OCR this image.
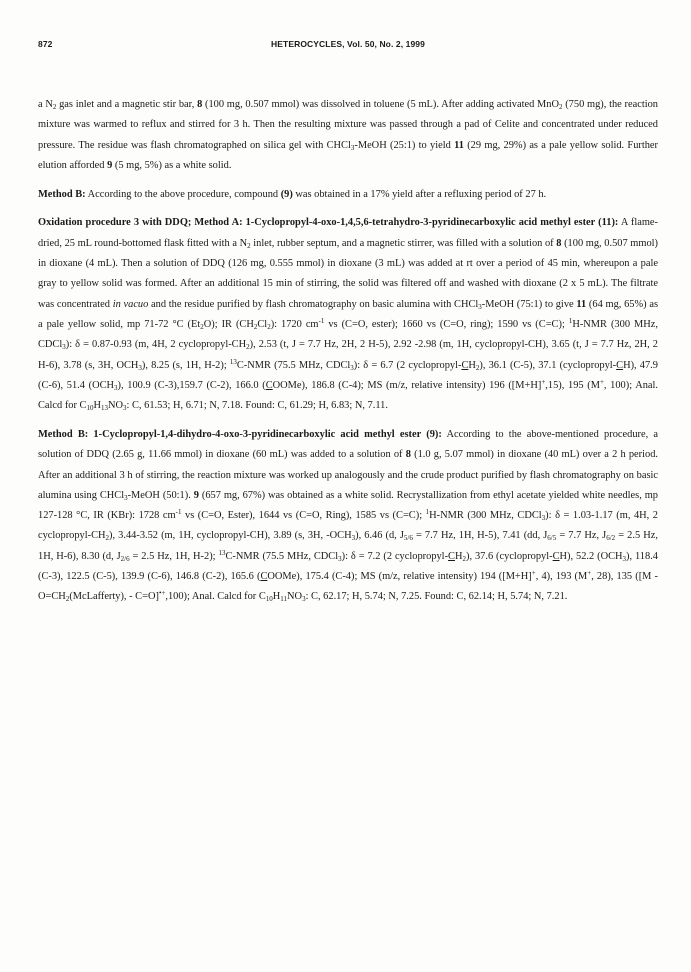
872	HETEROCYCLES, Vol. 50, No. 2, 1999

a $N_2$ gas inlet and a magnetic stir bar, 8 (100 mg, 0.507 mmol) was dissolved in toluene (5 mL). After adding activated MnO$_2$ (750 mg), the reaction mixture was warmed to reflux and stirred for 3 h. Then the resulting mixture was passed through a pad of Celite and concentrated under reduced pressure. The residue was flash chromatographed on silica gel with CHCl$_3$-MeOH (25:1) to yield 11 (29 mg, 29%) as a pale yellow solid. Further elution afforded 9 (5 mg, 5%) as a white solid.

Method B: According to the above procedure, compound (9) was obtained in a 17% yield after a refluxing period of 27 h.

Oxidation procedure 3 with DDQ; Method A: 1-Cyclopropyl-4-oxo-1,4,5,6-tetrahydro-3-pyridinecarboxylic acid methyl ester (11): A flame-dried, 25 mL round-bottomed flask fitted with a $N_2$ inlet, rubber septum, and a magnetic stirrer, was filled with a solution of 8 (100 mg, 0.507 mmol) in dioxane (4 mL). Then a solution of DDQ (126 mg, 0.555 mmol) in dioxane (3 mL) was added at rt over a period of 45 min, whereupon a pale gray to yellow solid was formed. After an additional 15 min of stirring, the solid was filtered off and washed with dioxane (2 x 5 mL). The filtrate was concentrated in vacuo and the residue purified by flash chromatography on basic alumina with CHCl$_3$-MeOH (75:1) to give 11 (64 mg, 65%) as a pale yellow solid, mp 71-72 °C $(Et_2O)$; IR $(CH_2Cl_2)$: 1720 $cm^{-1}$ vs (C=O, ester); 1660 vs (C=O, ring); 1590 vs (C=C); $^1$H-NMR (300 MHz, CDCl$_3$): δ = 0.87-0.93 (m, 4H, 2 cyclopropyl-$CH_2$), 2.53 (t, J = 7.7 Hz, 2H, 2 H-5), 2.92 -2.98 (m, 1H, cyclopropyl-CH), 3.65 (t, J = 7.7 Hz, 2H, 2 H-6), 3.78 (s, 3H, $OCH_3$), 8.25 (s, 1H, H-2); $^{13}$C-NMR (75.5 MHz, CDCl$_3$): δ = 6.7 (2 cyclopropyl-$CH_2$), 36.1 (C-5), 37.1 (cyclopropyl-CH), 47.9 (C-6), 51.4 $(OCH_3)$, 100.9 (C-3),159.7 (C-2), 166.0 (COOMe), 186.8 (C-4); MS (m/z, relative intensity) 196 ([M+H]+,15), 195 (M+, 100); Anal. Calcd for $C_{10}H_{13}NO_3$: C, 61.53; H, 6.71; N, 7.18. Found: C, 61.29; H, 6.83; N, 7.11.

Method B: 1-Cyclopropyl-1,4-dihydro-4-oxo-3-pyridinecarboxylic acid methyl ester (9): According to the above-mentioned procedure, a solution of DDQ (2.65 g, 11.66 mmol) in dioxane (60 mL) was added to a solution of 8 (1.0 g, 5.07 mmol) in dioxane (40 mL) over a 2 h period. After an additional 3 h of stirring, the reaction mixture was worked up analogously and the crude product purified by flash chromatography on basic alumina using CHCl$_3$-MeOH (50:1). 9 (657 mg, 67%) was obtained as a white solid. Recrystallization from ethyl acetate yielded white needles, mp 127-128 °C, IR (KBr): 1728 $cm^{-1}$ vs (C=O, Ester), 1644 vs (C=O, Ring), 1585 vs (C=C); $^1$H-NMR (300 MHz, CDCl$_3$): δ = 1.03-1.17 (m, 4H, 2 cyclopropyl-$CH_2$), 3.44-3.52 (m, 1H, cyclopropyl-CH), 3.89 (s, 3H, $-OCH_3$), 6.46 (d, $J_{5/6} = 7.7$ Hz, 1H, H-5), 7.41 (dd, $J_{6/5} = 7.7$ Hz, $J_{6/2} = 2.5$ Hz, 1H, H-6), 8.30 (d, $J_{2/6} = 2.5$ Hz, 1H, H-2); $^{13}$C-NMR (75.5 MHz, CDCl$_3$): δ = 7.2 (2 cyclopropyl-$CH_2$), 37.6 (cyclopropyl-CH), 52.2 $(OCH_3)$, 118.4 (C-3), 122.5 (C-5), 139.9 (C-6), 146.8 (C-2), 165.6 (COOMe), 175.4 (C-4); MS (m/z, relative intensity) 194 ([M+H]+, 4), 193 (M+, 28), 135 ([$M - O=CH_2(McLafferty)$, - C=O]•+,100); Anal. Calcd for $C_{10}H_{11}NO_3$: C, 62.17; H, 5.74; N, 7.25. Found: C, 62.14; H, 5.74; N, 7.21.
